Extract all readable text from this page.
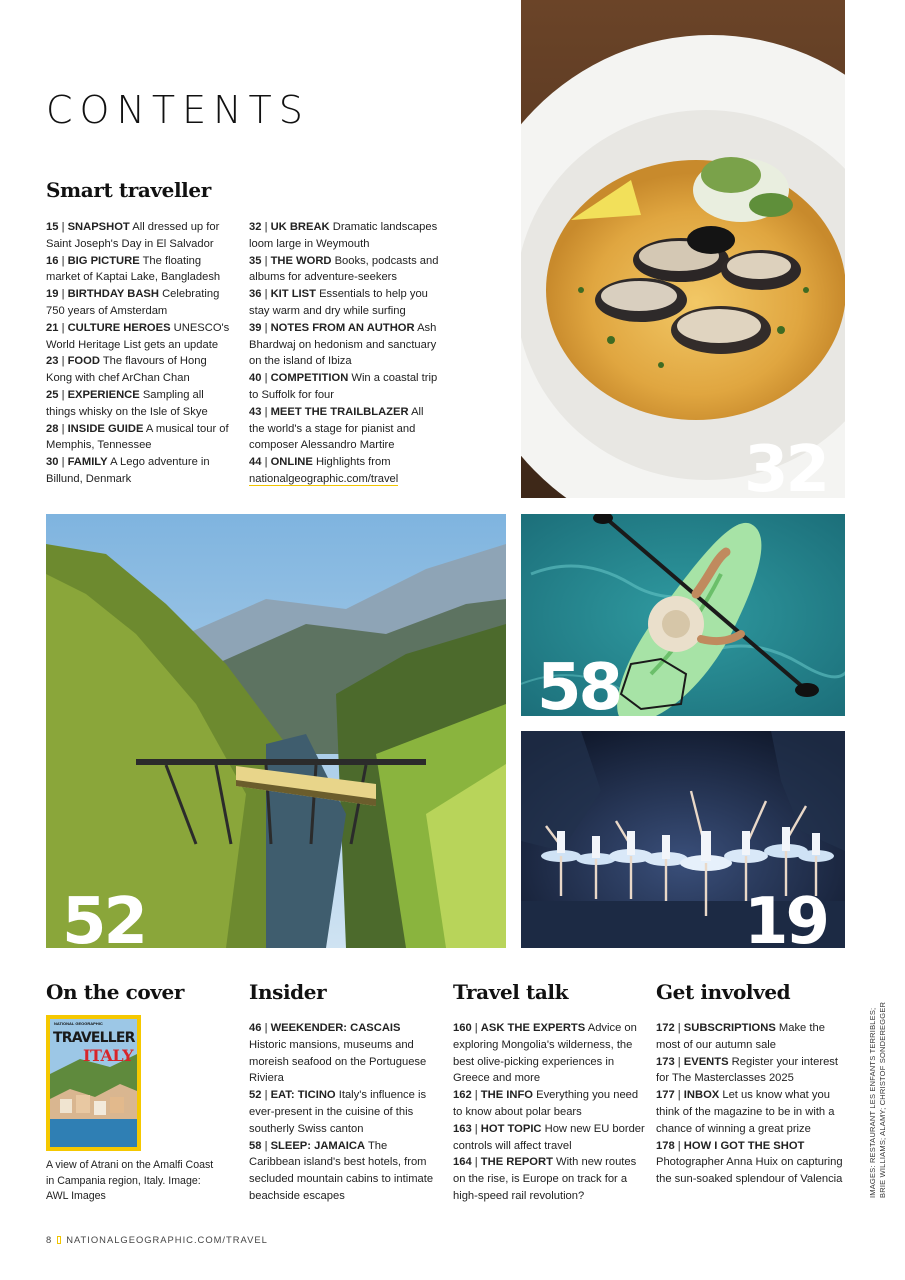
CONTENTS
Smart traveller
15 | SNAPSHOT All dressed up for Saint Joseph's Day in El Salvador
16 | BIG PICTURE The floating market of Kaptai Lake, Bangladesh
19 | BIRTHDAY BASH Celebrating 750 years of Amsterdam
21 | CULTURE HEROES UNESCO's World Heritage List gets an update
23 | FOOD The flavours of Hong Kong with chef ArChan Chan
25 | EXPERIENCE Sampling all things whisky on the Isle of Skye
28 | INSIDE GUIDE A musical tour of Memphis, Tennessee
30 | FAMILY A Lego adventure in Billund, Denmark
32 | UK BREAK Dramatic landscapes loom large in Weymouth
35 | THE WORD Books, podcasts and albums for adventure-seekers
36 | KIT LIST Essentials to help you stay warm and dry while surfing
39 | NOTES FROM AN AUTHOR Ash Bhardwaj on hedonism and sanctuary on the island of Ibiza
40 | COMPETITION Win a coastal trip to Suffolk for four
43 | MEET THE TRAILBLAZER All the world's a stage for pianist and composer Alessandro Martire
44 | ONLINE Highlights from nationalgeographic.com/travel	32
52
58
19
On the cover
NATIONAL GEOGRAPHIC
TRAVELLER
ITALY

A view of Atrani on the Amalfi Coast in Campania region, Italy. Image: AWL Images

Insider
46 | WEEKENDER: CASCAIS Historic mansions, museums and moreish seafood on the Portuguese Riviera
52 | EAT: TICINO Italy's influence is ever-present in the cuisine of this southerly Swiss canton
58 | SLEEP: JAMAICA The Caribbean island's best hotels, from secluded mountain cabins to intimate beachside escapes
Travel talk
160 | ASK THE EXPERTS Advice on exploring Mongolia's wilderness, the best olive-picking experiences in Greece and more
162 | THE INFO Everything you need to know about polar bears
163 | HOT TOPIC How new EU border controls will affect travel
164 | THE REPORT With new routes on the rise, is Europe on track for a high-speed rail revolution?
Get involved
172 | SUBSCRIPTIONS Make the most of our autumn sale
173 | EVENTS Register your interest for The Masterclasses 2025
177 | INBOX Let us know what you think of the magazine to be in with a chance of winning a great prize
178 | HOW I GOT THE SHOT Photographer Anna Huix on capturing the sun-soaked splendour of Valencia	IMAGES: RESTAURANT LES ENFANTS TERRIBLES; BRIE WILLIAMS; ALAMY; CHRISTOF SONDEREGGER
8 NATIONALGEOGRAPHIC.COM/TRAVEL
